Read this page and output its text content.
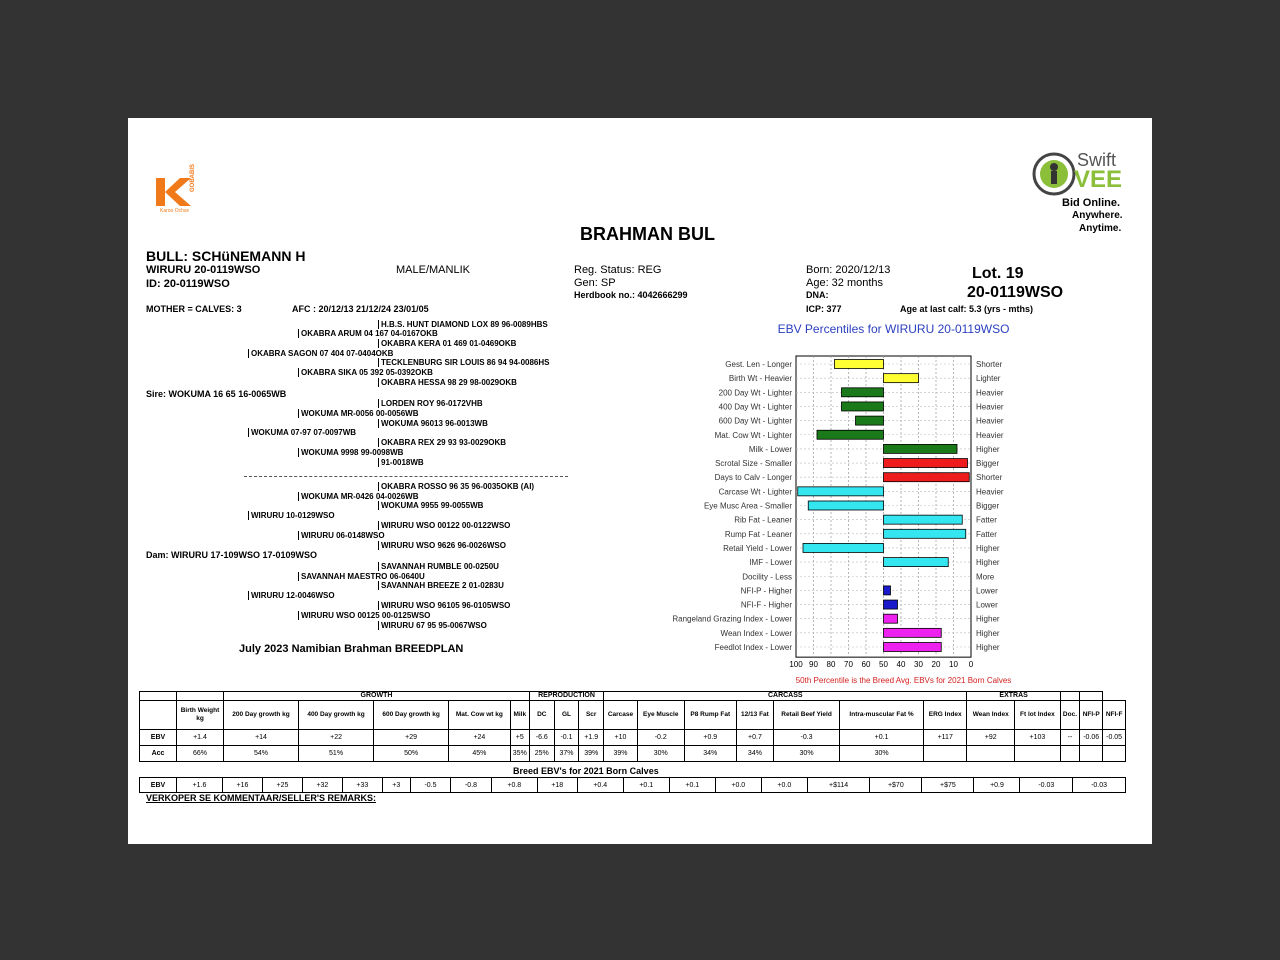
GOBABIS
Karoo Ochse
Swift
VEE
Bid Online.
Anywhere.
Anytime.
BRAHMAN BUL
BULL: SCHüNEMANN H
WIRURU 20-0119WSO
ID: 20-0119WSO
MALE/MANLIK	Reg. Status: REG
Gen: SP
Herdbook no.: 4042666299
Born: 2020/12/13
Age: 32 months
DNA:
ICP: 377
Lot. 19
20-0119WSO
Age at last calf: 5.3 (yrs - mths)
MOTHER = CALVES: 3	AFC : 20/12/13 21/12/24 23/01/05
H.B.S. HUNT DIAMOND LOX 89 96-0089HBS
OKABRA ARUM 04 167 04-0167OKB
OKABRA KERA 01 469 01-0469OKB
OKABRA SAGON 07 404 07-0404OKB
TECKLENBURG SIR LOUIS 86 94 94-0086HS
OKABRA SIKA 05 392 05-0392OKB
OKABRA HESSA 98 29 98-0029OKB
Sire: WOKUMA 16 65 16-0065WB
LORDEN ROY 96-0172VHB
WOKUMA MR-0056 00-0056WB
WOKUMA 96013 96-0013WB
WOKUMA 07-97 07-0097WB
OKABRA REX 29 93 93-0029OKB
WOKUMA 9998 99-0098WB
91-0018WB
OKABRA ROSSO 96 35 96-0035OKB (AI)
WOKUMA MR-0426 04-0026WB
WOKUMA 9955 99-0055WB
WIRURU 10-0129WSO
WIRURU WSO 00122 00-0122WSO
WIRURU 06-0148WSO
WIRURU WSO 9626 96-0026WSO
Dam: WIRURU 17-109WSO 17-0109WSO
SAVANNAH RUMBLE 00-0250U
SAVANNAH MAESTRO 06-0640U
SAVANNAH BREEZE 2 01-0283U
WIRURU 12-0046WSO
WIRURU WSO 96105 96-0105WSO
WIRURU WSO 00125 00-0125WSO
WIRURU 67 95 95-0067WSO
July 2023 Namibian Brahman BREEDPLAN
EBV Percentiles for WIRURU 20-0119WSO
100 90 80 70 60 50 40 30 20 10 0
Gest. Len - Longer	Shorter
Birth Wt - Heavier	Lighter
200 Day Wt - Lighter	Heavier
400 Day Wt - Lighter	Heavier
600 Day Wt - Lighter	Heavier
Mat. Cow Wt - Lighter	Heavier
Milk - Lower	Higher
Scrotal Size - Smaller	Bigger
Days to Calv - Longer	Shorter
Carcase Wt - Lighter	Heavier
Eye Musc Area - Smaller	Bigger
Rib Fat - Leaner	Fatter
Rump Fat - Leaner	Fatter
Retail Yield - Lower	Higher
IMF - Lower	Higher
Docility - Less	More
NFI-P - Higher	Lower
NFI-F - Higher	Lower
Rangeland Grazing Index - Lower	Higher
Wean Index - Lower	Higher
Feedlot Index - Lower	Higher
50th Percentile is the Breed Avg. EBVs for 2021 Born Calves
		GROWTH					REPRODUCTION			CARCASS							EXTRAS				
	Birth Weight kg	200 Day growth kg	400 Day growth kg	600 Day growth kg	Mat. Cow wt kg	Milk	DC	GL	Scr	Carcase	Eye Muscle	P8 Rump Fat	12/13 Fat	Retail Beef Yield	Intra-muscular Fat %	ERG Index	Wean Index	Ft lot Index	Doc.	NFI-P	NFI-F
EBV	+1.4	+14	+22	+29	+24	+5	-6.6	-0.1	+1.9	+10	-0.2	+0.9	+0.7	-0.3	+0.1	+117	+92	+103	--	-0.06	-0.05
Acc	66%	54%	51%	50%	45%	35%	25%	37%	39%	39%	30%	34%	34%	30%	30%						
Breed EBV's for 2021 Born Calves
EBV	+1.6	+16	+25	+32	+33	+3	-0.5	-0.8	+0.8	+18	+0.4	+0.1	+0.1	+0.0	+0.0	+$114	+$70	+$75	+0.9	-0.03	-0.03
VERKOPER SE KOMMENTAAR/SELLER'S REMARKS:
